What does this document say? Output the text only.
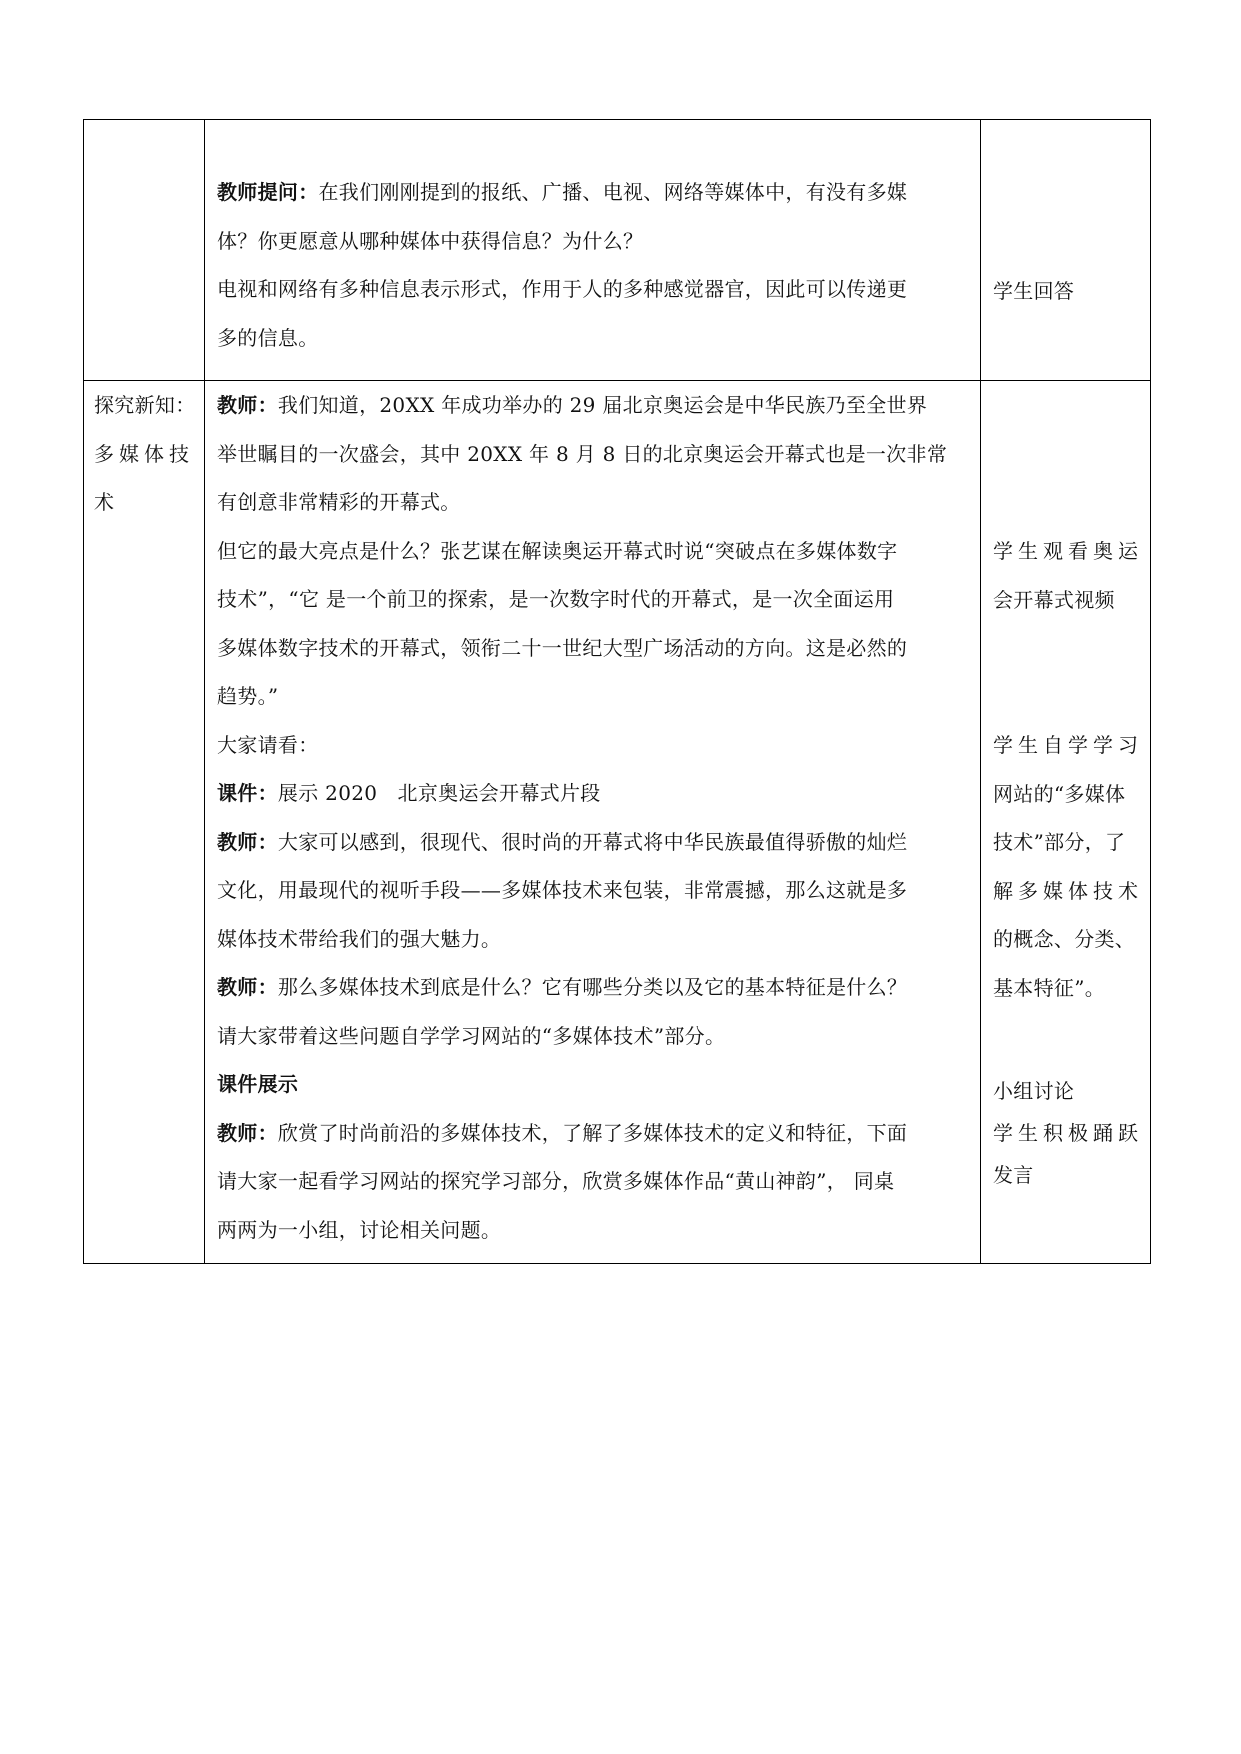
教师提问：在我们刚刚提到的报纸、广播、电视、网络等媒体中，有没有多媒

体？你更愿意从哪种媒体中获得信息？为什么？

电视和网络有多种信息表示形式，作用于人的多种感觉器官，因此可以传递更

多的信息。

学生回答

探究新知：

多媒体技

术

教师：我们知道，20XX 年成功举办的 29 届北京奥运会是中华民族乃至全世界

举世瞩目的一次盛会，其中 20XX 年 8 月 8 日的北京奥运会开幕式也是一次非常

有创意非常精彩的开幕式。

但它的最大亮点是什么？张艺谋在解读奥运开幕式时说“突破点在多媒体数字

技术”，“它 是一个前卫的探索，是一次数字时代的开幕式，是一次全面运用

多媒体数字技术的开幕式，领衔二十一世纪大型广场活动的方向。这是必然的

趋势。”

大家请看：

课件：展示 2020　北京奥运会开幕式片段

教师：大家可以感到，很现代、很时尚的开幕式将中华民族最值得骄傲的灿烂

文化，用最现代的视听手段——多媒体技术来包装，非常震撼，那么这就是多

媒体技术带给我们的强大魅力。

教师：那么多媒体技术到底是什么？它有哪些分类以及它的基本特征是什么？

请大家带着这些问题自学学习网站的“多媒体技术”部分。

课件展示

教师：欣赏了时尚前沿的多媒体技术，了解了多媒体技术的定义和特征，下面

请大家一起看学习网站的探究学习部分，欣赏多媒体作品“黄山神韵”， 同桌

两两为一小组，讨论相关问题。

学生观看奥运

会开幕式视频

学生自学学习

网站的“多媒体

技术”部分，了

解多媒体技术

的概念、分类、

基本特征”。

小组讨论

学生积极踊跃

发言
